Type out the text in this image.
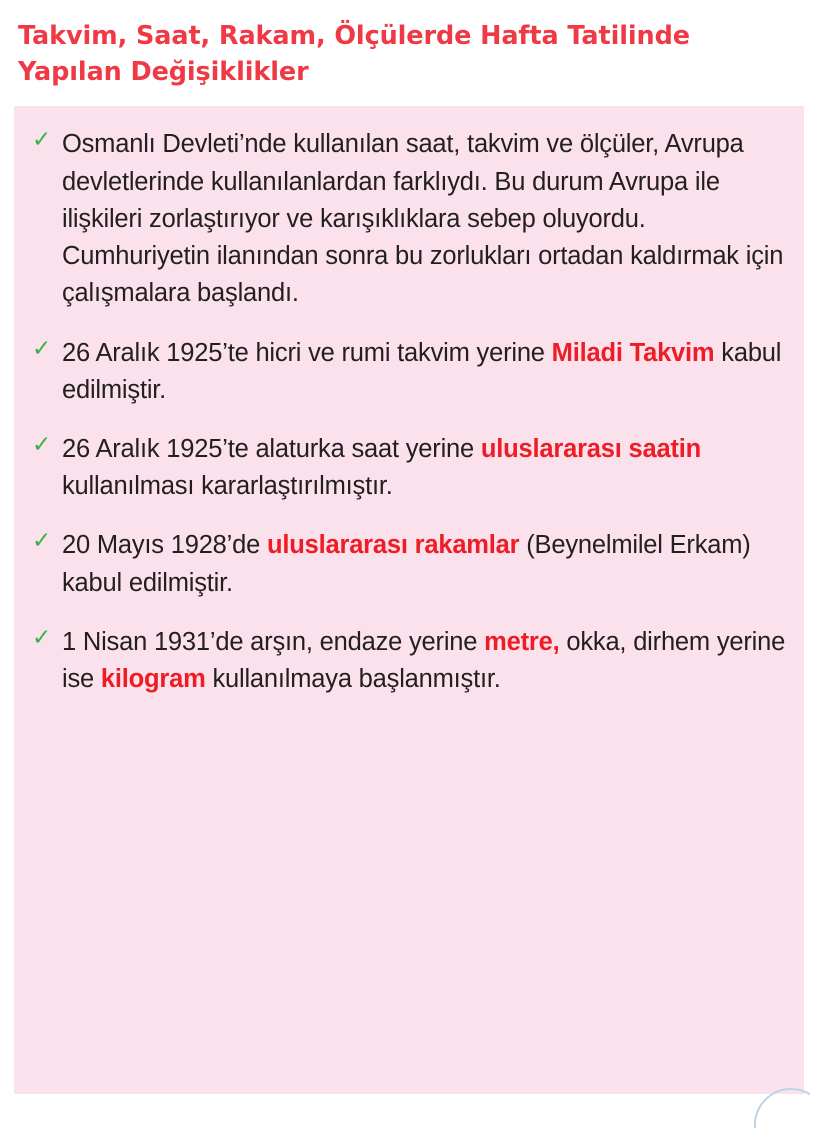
Takvim, Saat, Rakam, Ölçülerde Hafta Tatilinde Yapılan Değişiklikler
✓ Osmanlı Devleti’nde kullanılan saat, takvim ve ölçüler, Avrupa devletlerinde kullanılanlardan farklıydı. Bu durum Avrupa ile ilişkileri zorlaştırıyor ve karışıklıklara sebep oluyordu. Cumhuriyetin ilanından sonra bu zorlukları ortadan kaldırmak için çalışmalara başlandı.
✓ 26 Aralık 1925’te hicri ve rumi takvim yerine Miladi Takvim kabul edilmiştir.
✓ 26 Aralık 1925’te alaturka saat yerine uluslararası saatin kullanılması kararlaştırılmıştır.
✓ 20 Mayıs 1928’de uluslararası rakamlar (Beynelmilel Erkam) kabul edilmiştir.
✓ 1 Nisan 1931’de arşın, endaze yerine metre, okka, dirhem yerine ise kilogram kullanılmaya başlanmıştır.
